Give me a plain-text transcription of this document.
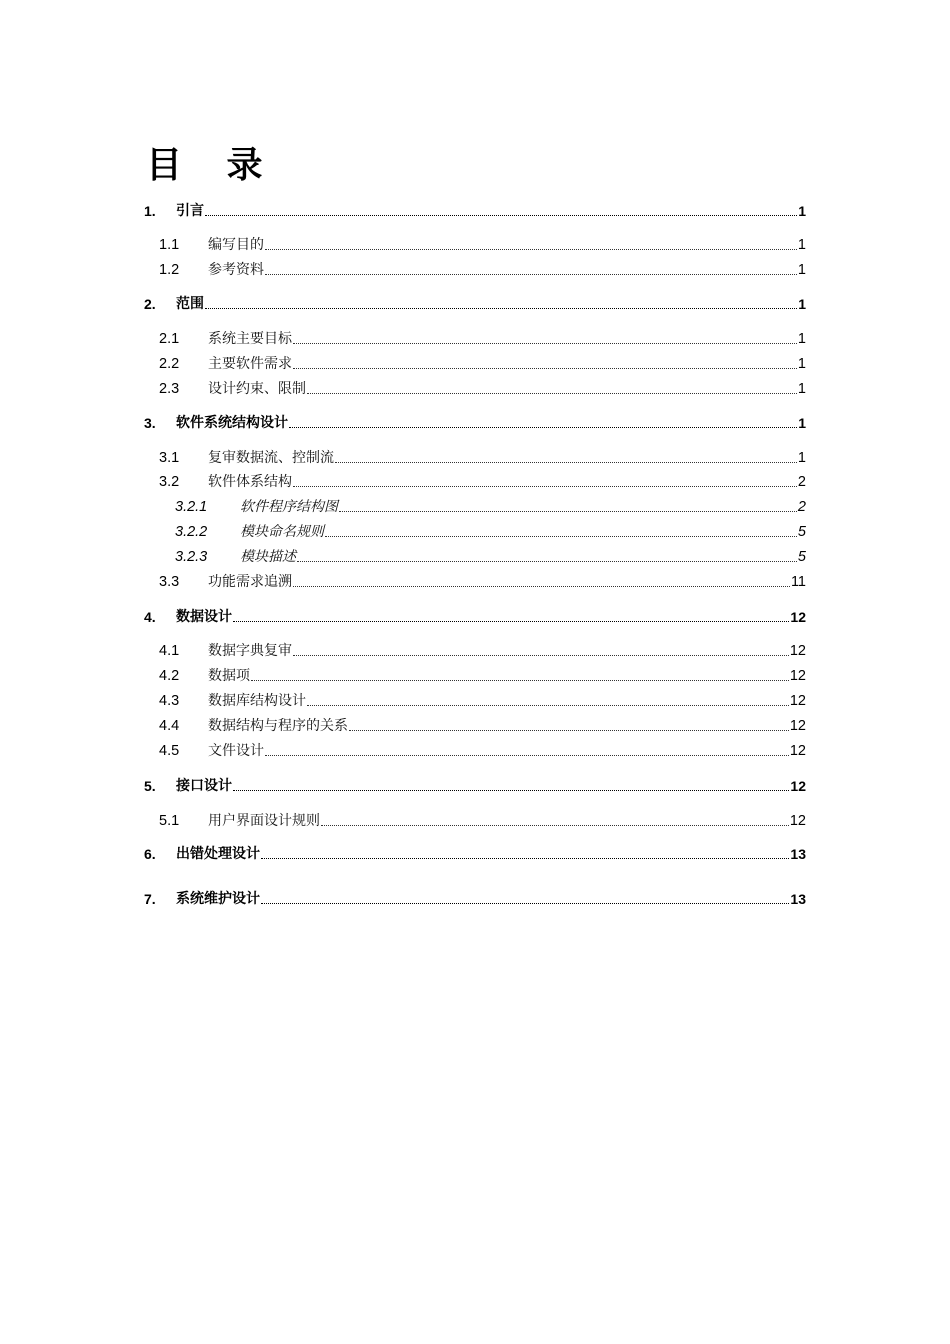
目 录
1.	引言	1
1.1	编写目的	1
1.2	参考资料	1
2.	范围	1
2.1	系统主要目标	1
2.2	主要软件需求	1
2.3	设计约束、限制	1
3.	软件系统结构设计	1
3.1	复审数据流、控制流	1
3.2	软件体系结构	2
3.2.1	软件程序结构图	2
3.2.2	模块命名规则	5
3.2.3	模块描述	5
3.3	功能需求追溯	11
4.	数据设计	12
4.1	数据字典复审	12
4.2	数据项	12
4.3	数据库结构设计	12
4.4	数据结构与程序的关系	12
4.5	文件设计	12
5.	接口设计	12
5.1	用户界面设计规则	12
6.	出错处理设计	13
7.	系统维护设计	13
